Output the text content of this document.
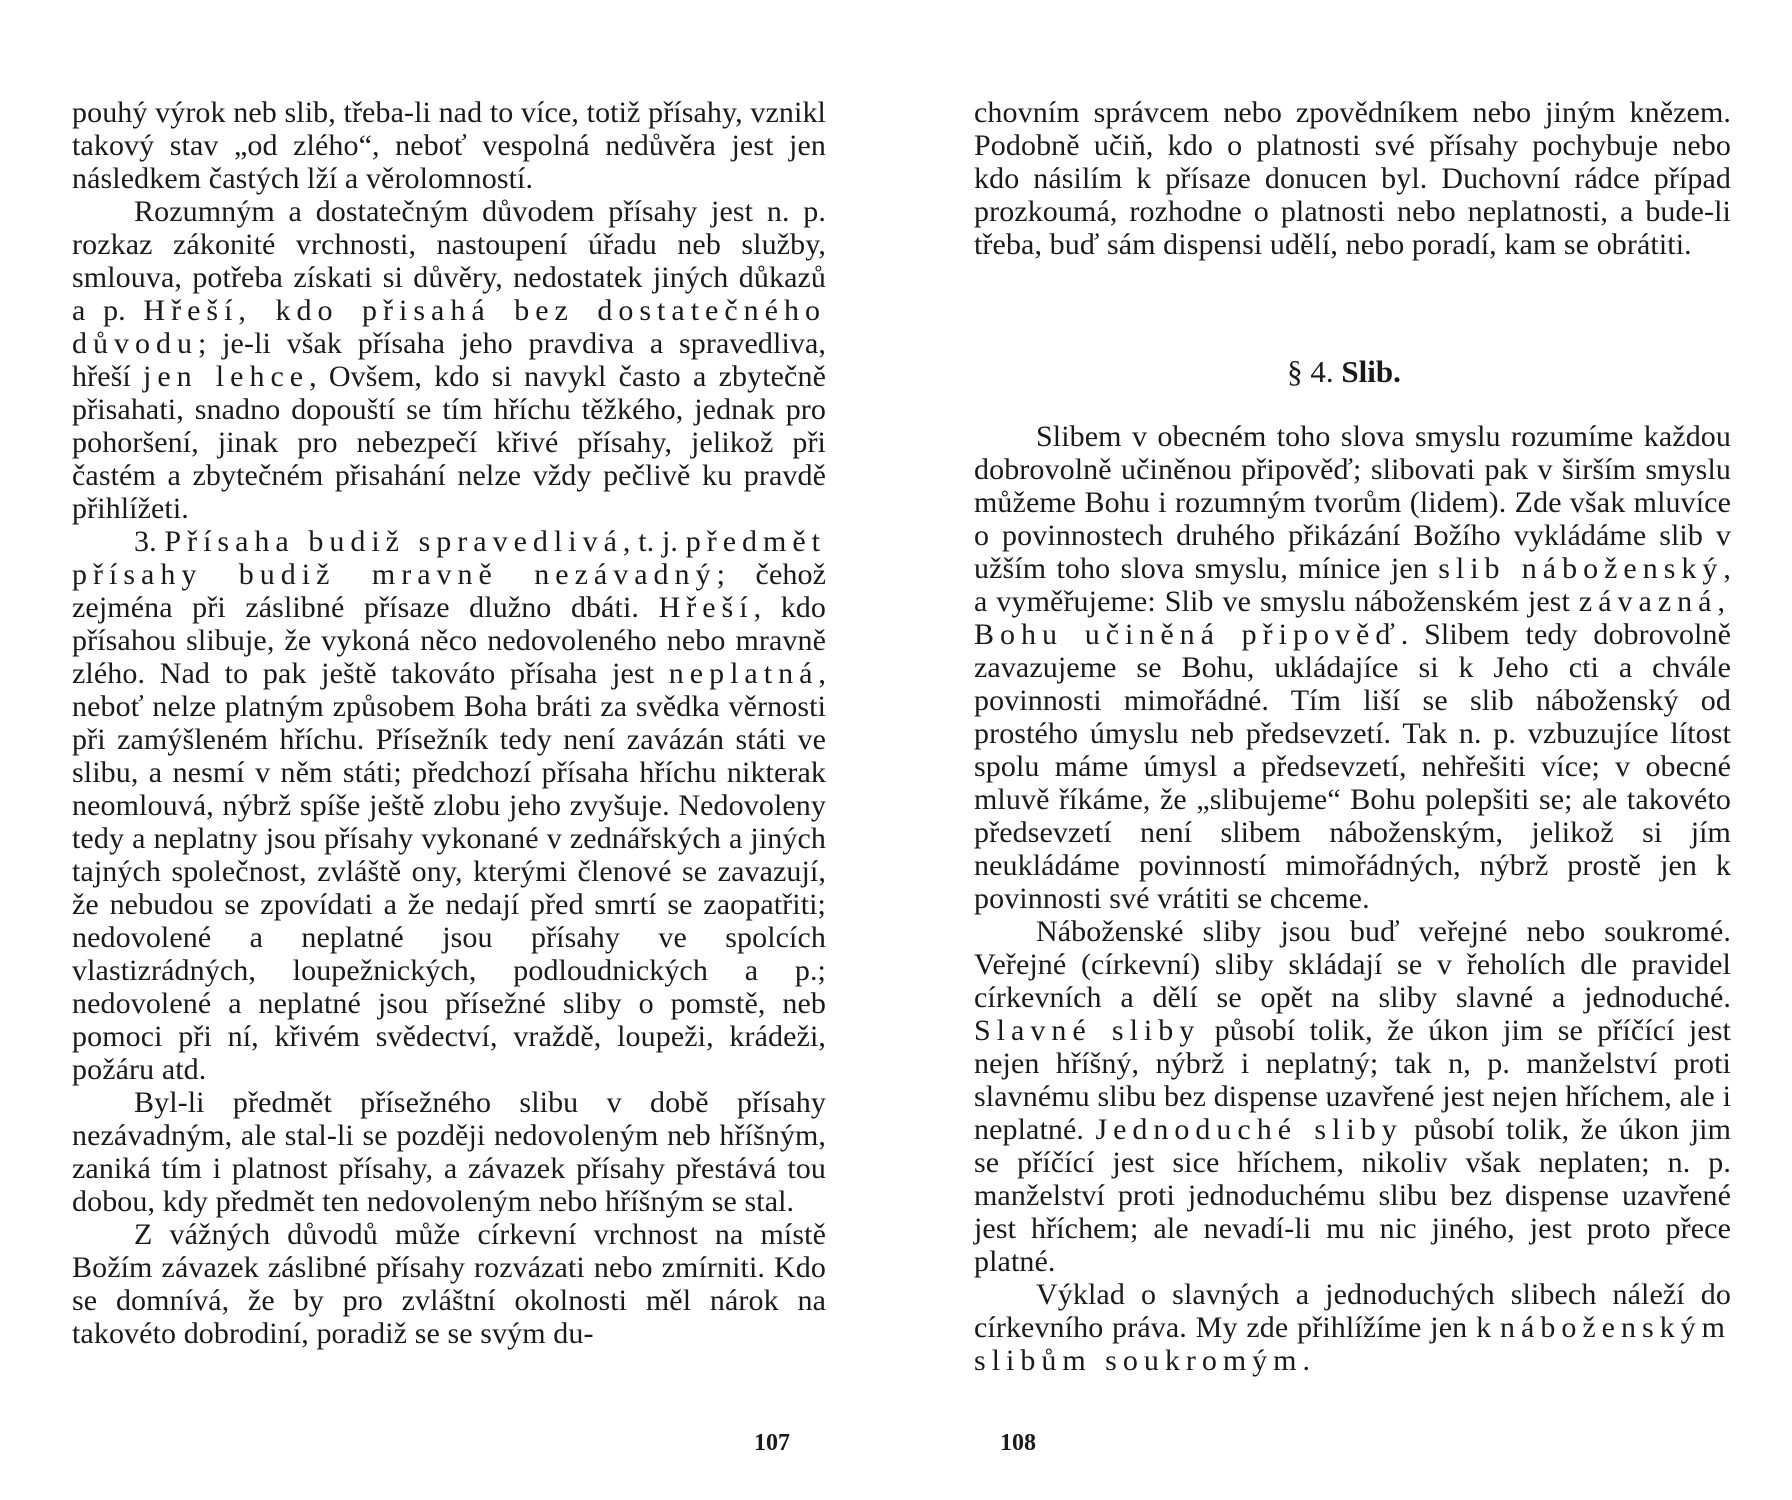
pouhý výrok neb slib, třeba-li nad to více, totiž přísahy, vznikl takový stav „od zlého“, neboť vespolná nedůvěra jest jen následkem častých lží a věrolomností.

Rozumným a dostatečným důvodem přísahy jest n. p. rozkaz zákonité vrchnosti, nastoupení úřadu neb služby, smlouva, potřeba získati si důvěry, nedostatek jiných důkazů a p. Hřeší, kdo přisahá bez dostatečného důvodu; je-li však přísaha jeho pravdiva a spravedliva, hřeší jen lehce, Ovšem, kdo si navykl často a zbytečně přisahati, snadno dopouští se tím hříchu těžkého, jednak pro pohoršení, jinak pro nebezpečí křivé přísahy, jelikož při častém a zbytečném přisahání nelze vždy pečlivě ku pravdě přihlížeti.

3. Přísaha budiž spravedlivá, t. j. předmět přísahy budiž mravně nezávadný; čehož zejména při záslibné přísaze dlužno dbáti. Hřeší, kdo přísahou slibuje, že vykoná něco nedovoleného nebo mravně zlého. Nad to pak ještě takováto přísaha jest neplatná, neboť nelze platným způsobem Boha bráti za svědka věrnosti při zamýšleném hříchu. Přísežník tedy není zavázán státi ve slibu, a nesmí v něm státi; předchozí přísaha hříchu nikterak neomlouvá, nýbrž spíše ještě zlobu jeho zvyšuje. Nedovoleny tedy a neplatny jsou přísahy vykonané v zednářských a jiných tajných společnost, zvláště ony, kterými členové se zavazují, že nebudou se zpovídati a že nedají před smrtí se zaopatřiti; nedovolené a neplatné jsou přísahy ve spolcích vlastizrádných, loupežnických, podloudnických a p.; nedovolené a neplatné jsou přísežné sliby o pomstě, neb pomoci při ní, křivém svědectví, vraždě, loupeži, krádeži, požáru atd.

Byl-li předmět přísežného slibu v době přísahy nezávadným, ale stal-li se později nedovoleným neb hříšným, zaniká tím i platnost přísahy, a závazek přísahy přestává tou dobou, kdy předmět ten nedovoleným nebo hříšným se stal.

Z vážných důvodů může církevní vrchnost na místě Božím závazek záslibné přísahy rozvázati nebo zmírniti. Kdo se domnívá, že by pro zvláštní okolnosti měl nárok na takovéto dobrodiní, poradiž se se svým du-

107

chovním správcem nebo zpovědníkem nebo jiným knězem. Podobně učiň, kdo o platnosti své přísahy pochybuje nebo kdo násilím k přísaze donucen byl. Duchovní rádce případ prozkoumá, rozhodne o platnosti nebo neplatnosti, a bude-li třeba, buď sám dispensi udělí, nebo poradí, kam se obrátiti.

§ 4. Slib.

Slibem v obecném toho slova smyslu rozumíme každou dobrovolně učiněnou připověď; slibovati pak v širším smyslu můžeme Bohu i rozumným tvorům (lidem). Zde však mluvíce o povinnostech druhého přikázání Božího vykládáme slib v užším toho slova smyslu, mínice jen slib náboženský, a vyměřujeme: Slib ve smyslu náboženském jest závazná, Bohu učiněná připověď. Slibem tedy dobrovolně zavazujeme se Bohu, ukládajíce si k Jeho cti a chvále povinnosti mimořádné. Tím liší se slib náboženský od prostého úmyslu neb předsevzetí. Tak n. p. vzbuzujíce lítost spolu máme úmysl a předsevzetí, nehřešiti více; v obecné mluvě říkáme, že „slibujeme“ Bohu polepšiti se; ale takovéto předsevzetí není slibem náboženským, jelikož si jím neukládáme povinností mimořádných, nýbrž prostě jen k povinnosti své vrátiti se chceme.

Náboženské sliby jsou buď veřejné nebo soukromé. Veřejné (církevní) sliby skládají se v řeholích dle pravidel církevních a dělí se opět na sliby slavné a jednoduché. Slavné sliby působí tolik, že úkon jim se příčící jest nejen hříšný, nýbrž i neplatný; tak n, p. manželství proti slavnému slibu bez dispense uzavřené jest nejen hříchem, ale i neplatné. Jednoduché sliby působí tolik, že úkon jim se příčící jest sice hříchem, nikoliv však neplaten; n. p. manželství proti jednoduchému slibu bez dispense uzavřené jest hříchem; ale nevadí-li mu nic jiného, jest proto přece platné.

Výklad o slavných a jednoduchých slibech náleží do církevního práva. My zde přihlížíme jen k náboženským slibům soukromým.

108
